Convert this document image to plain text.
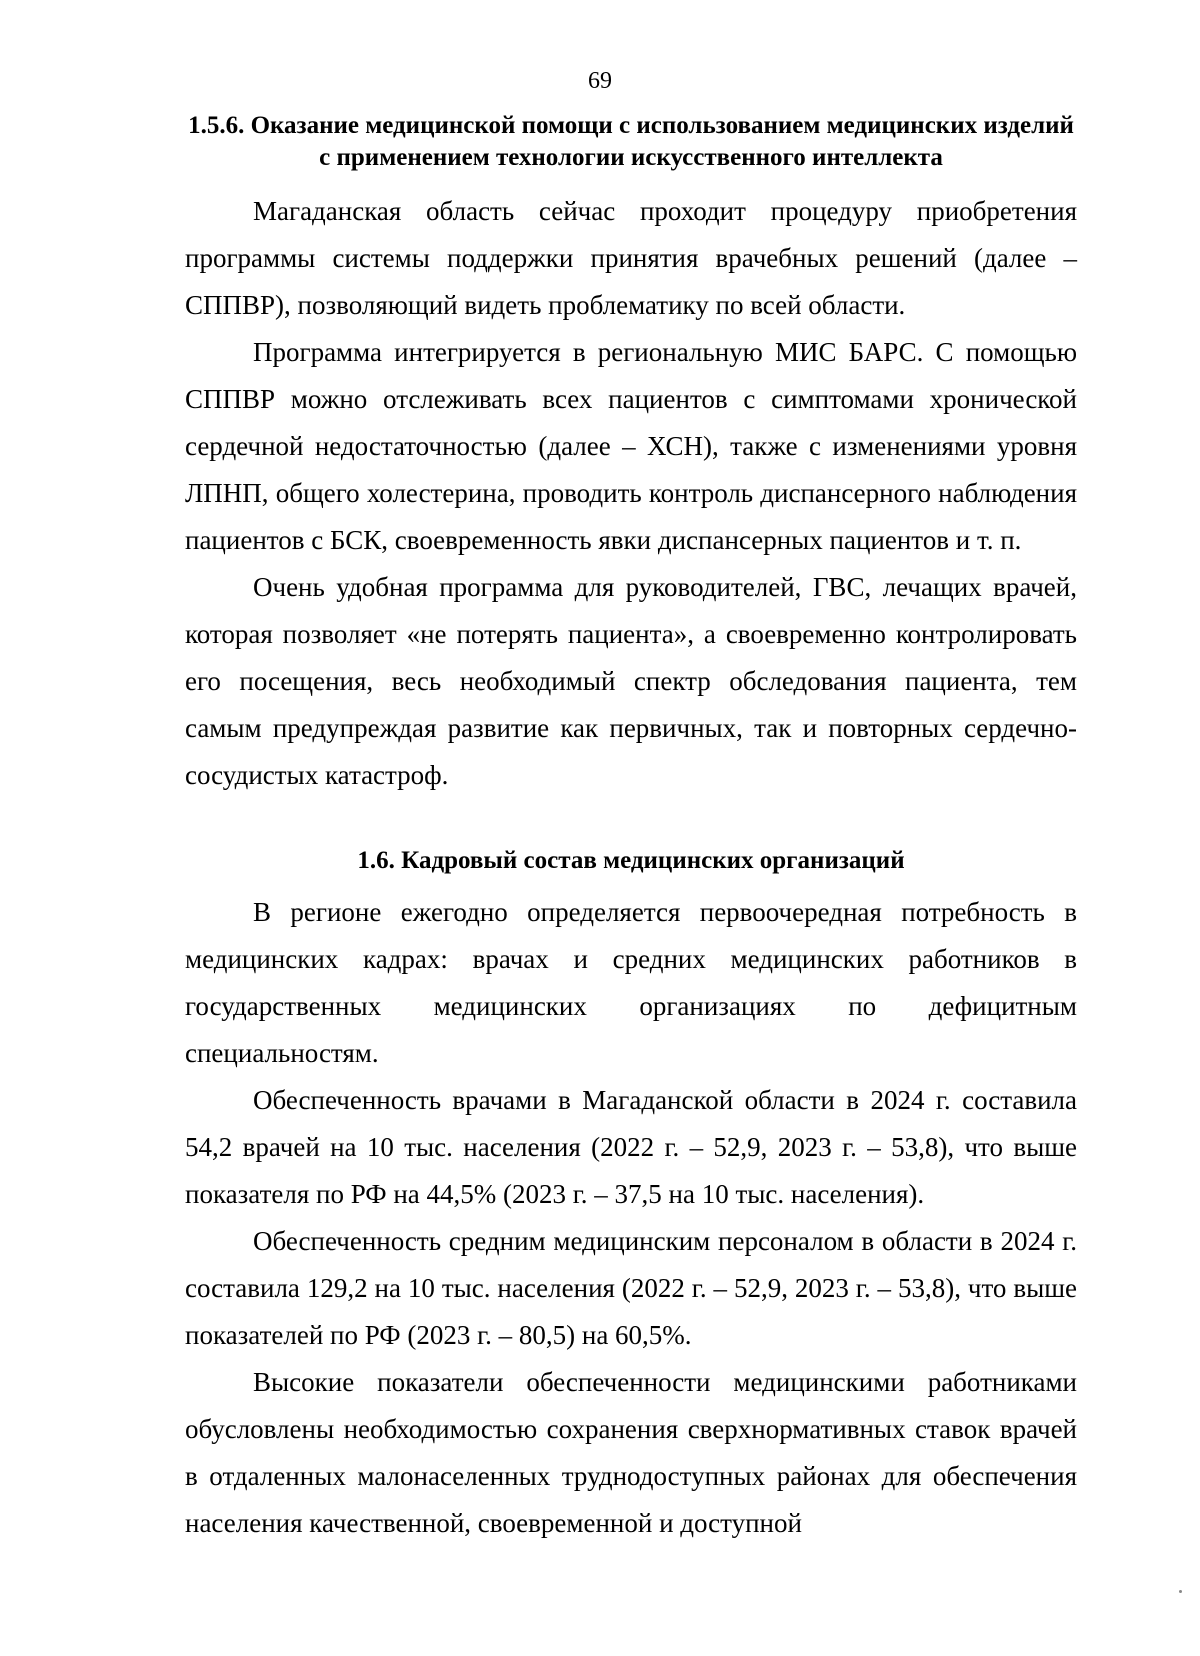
69
1.5.6. Оказание медицинской помощи с использованием медицинских изделий с применением технологии искусственного интеллекта

Магаданская область сейчас проходит процедуру приобретения программы системы поддержки принятия врачебных решений (далее – СППВР), позволяющий видеть проблематику по всей области.

Программа интегрируется в региональную МИС БАРС. С помощью СППВР можно отслеживать всех пациентов с симптомами хронической сердечной недостаточностью (далее – ХСН), также с изменениями уровня ЛПНП, общего холестерина, проводить контроль диспансерного наблюдения пациентов с БСК, своевременность явки диспансерных пациентов и т. п.

Очень удобная программа для руководителей, ГВС, лечащих врачей, которая позволяет «не потерять пациента», а своевременно контролировать его посещения, весь необходимый спектр обследования пациента, тем самым предупреждая развитие как первичных, так и повторных сердечно-сосудистых катастроф.

1.6. Кадровый состав медицинских организаций

В регионе ежегодно определяется первоочередная потребность в медицинских кадрах: врачах и средних медицинских работников в государственных медицинских организациях по дефицитным специальностям.

Обеспеченность врачами в Магаданской области в 2024 г. составила 54,2 врачей на 10 тыс. населения (2022 г. – 52,9, 2023 г. – 53,8), что выше показателя по РФ на 44,5% (2023 г. – 37,5 на 10 тыс. населения).

Обеспеченность средним медицинским персоналом в области в 2024 г. составила 129,2 на 10 тыс. населения (2022 г. – 52,9, 2023 г. – 53,8), что выше показателей по РФ (2023 г. – 80,5) на 60,5%.

Высокие показатели обеспеченности медицинскими работниками обусловлены необходимостью сохранения сверхнормативных ставок врачей в отдаленных малонаселенных труднодоступных районах для обеспечения населения качественной, своевременной и доступной
